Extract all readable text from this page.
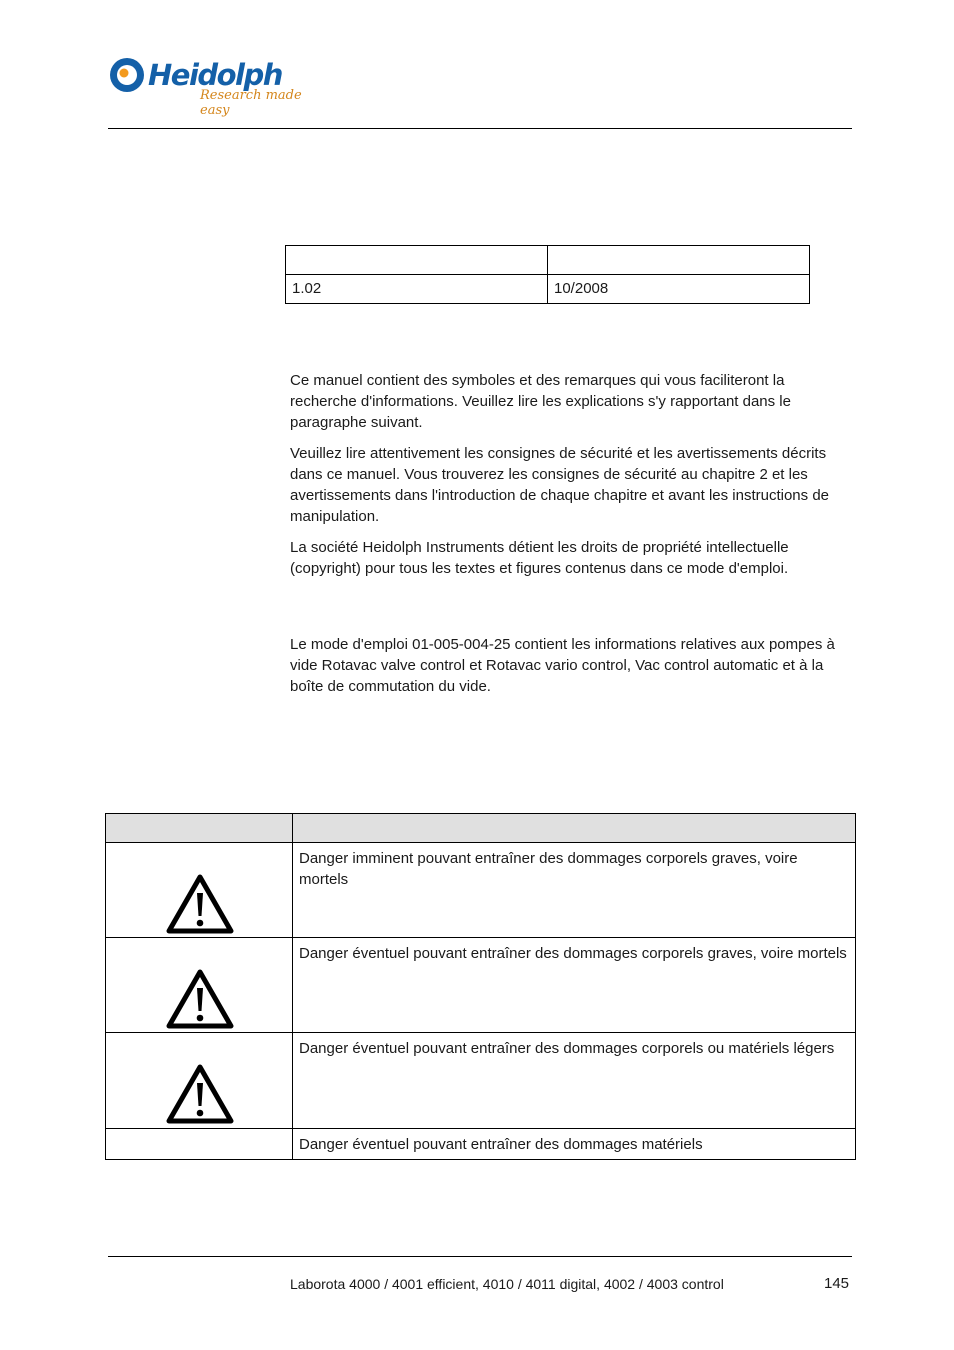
Heidolph
Research made easy

1.02	10/2008

Ce manuel contient des symboles et des remarques qui vous faciliteront la recherche d'informations. Veuillez lire les explications s'y rapportant dans le paragraphe suivant.

Veuillez lire attentivement les consignes de sécurité et les avertissements décrits dans ce manuel. Vous trouverez les consignes de sécurité au chapitre 2 et les avertissements dans l'introduction de chaque chapitre et avant les instructions de manipulation.

La société Heidolph Instruments détient les droits de propriété intellectuelle (copyright) pour tous les textes et figures contenus dans ce mode d'emploi.

Le mode d'emploi 01-005-004-25 contient les informations relatives aux pompes à vide Rotavac valve control et Rotavac vario control, Vac control automatic et à la boîte de commutation du vide.

	Danger imminent pouvant entraîner des dommages corporels graves, voire mortels

	Danger éventuel pouvant entraîner des dommages corporels graves, voire mortels

	Danger éventuel pouvant entraîner des dommages corporels ou matériels légers
	Danger éventuel pouvant entraîner des dommages matériels
Laborota 4000 / 4001 efficient, 4010 / 4011 digital, 4002 / 4003 control	145
